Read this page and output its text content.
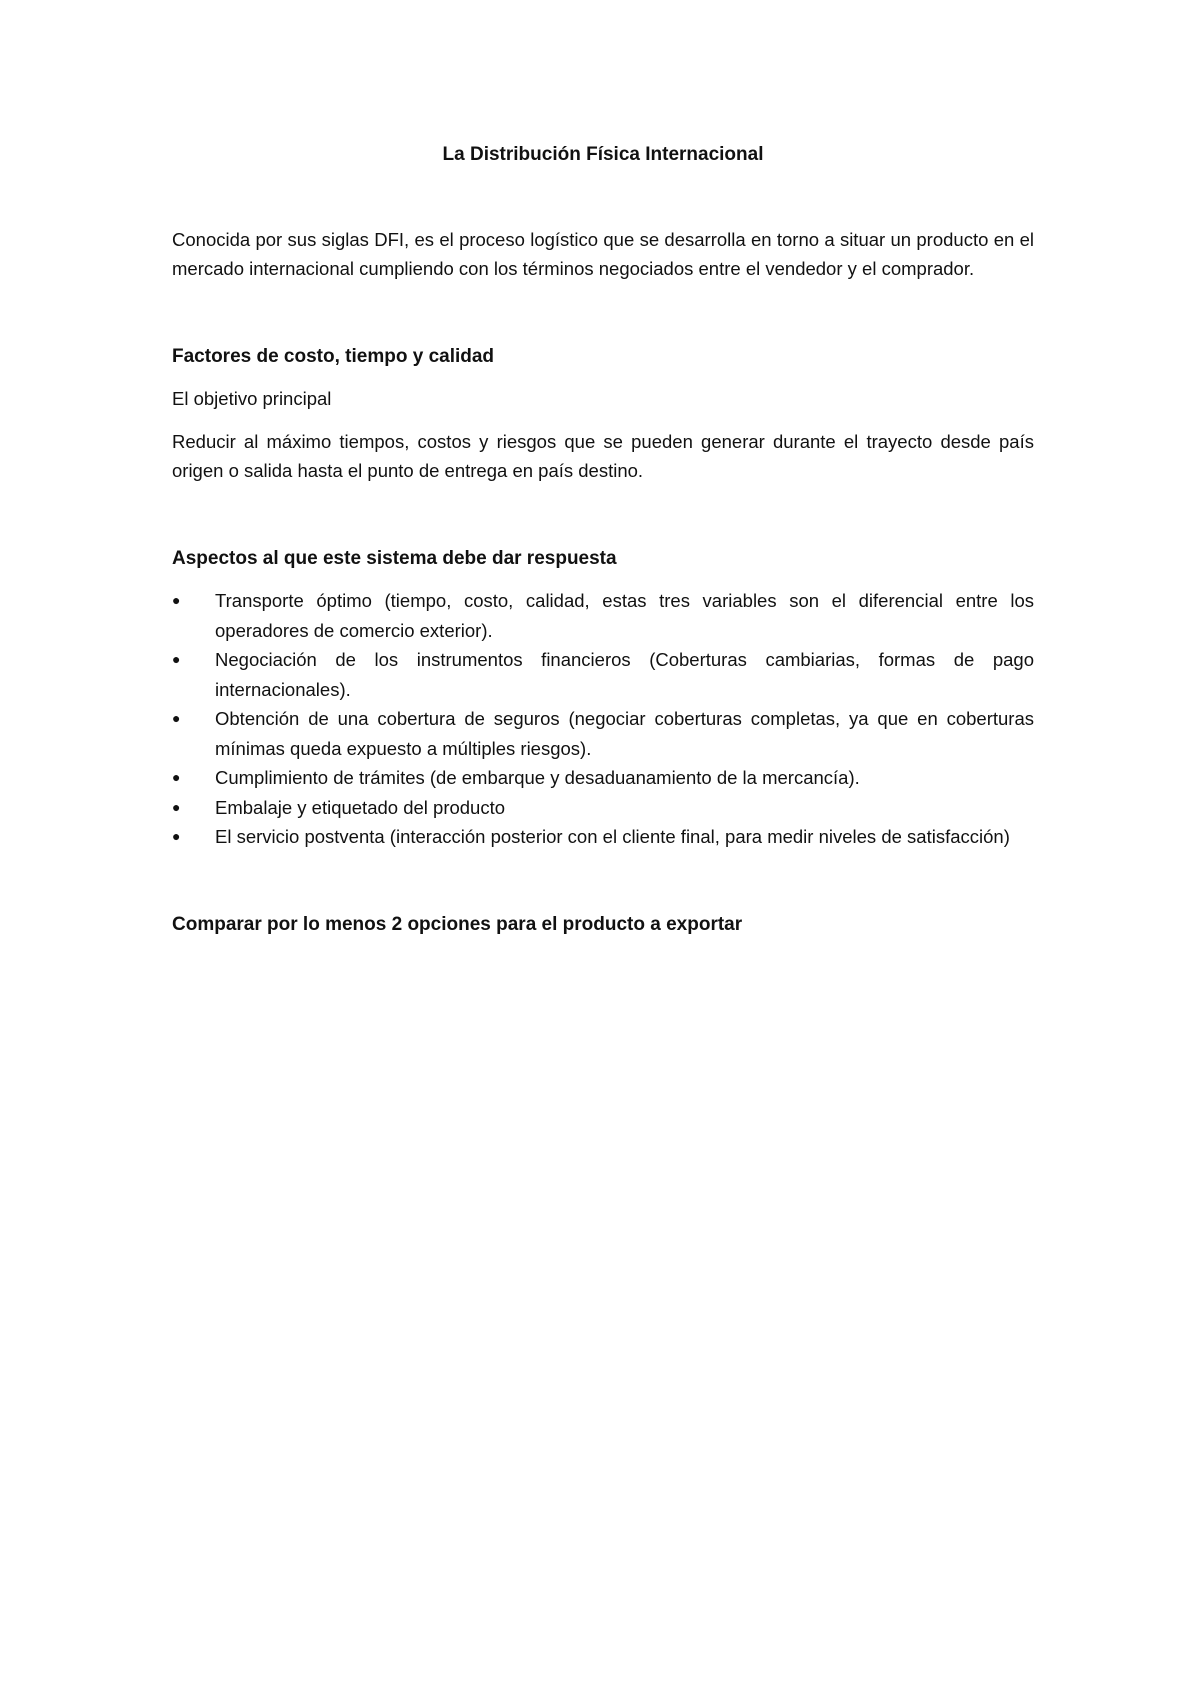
La Distribución Física Internacional

Conocida por sus siglas DFI, es el proceso logístico que se desarrolla en torno a situar un producto en el mercado internacional cumpliendo con los términos negociados entre el vendedor y el comprador.

Factores de costo, tiempo y calidad

El objetivo principal

Reducir al máximo tiempos, costos y riesgos que se pueden generar durante el trayecto desde país origen o salida hasta el punto de entrega en país destino.

Aspectos al que este sistema debe dar respuesta

● Transporte óptimo (tiempo, costo, calidad, estas tres variables son el diferencial entre los operadores de comercio exterior).
● Negociación de los instrumentos financieros (Coberturas cambiarias, formas de pago internacionales).
● Obtención de una cobertura de seguros (negociar coberturas completas, ya que en coberturas mínimas queda expuesto a múltiples riesgos).
● Cumplimiento de trámites (de embarque y desaduanamiento de la mercancía).
● Embalaje y etiquetado del producto
● El servicio postventa (interacción posterior con el cliente final, para medir niveles de satisfacción)

Comparar por lo menos 2 opciones para el producto a exportar
